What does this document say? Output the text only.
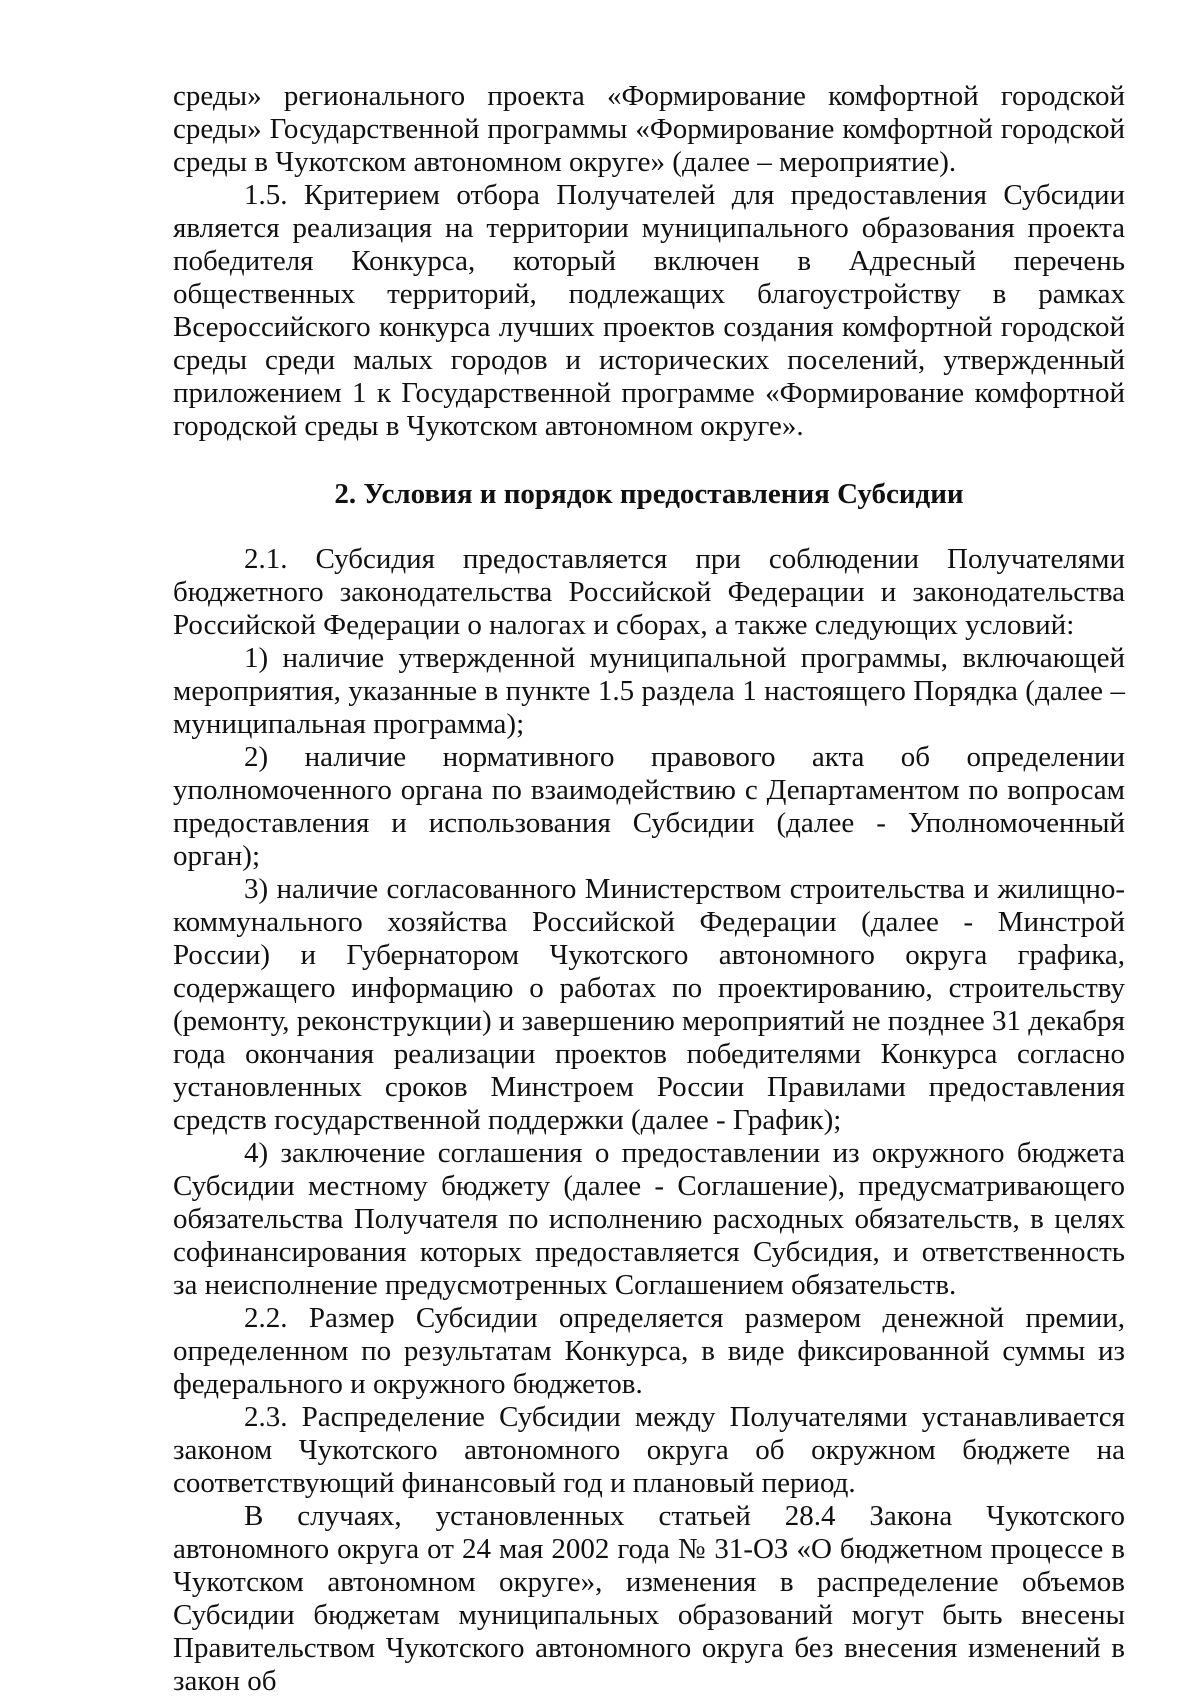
среды» регионального проекта «Формирование комфортной городской среды» Государственной программы «Формирование комфортной городской среды в Чукотском автономном округе» (далее – мероприятие).

1.5. Критерием отбора Получателей для предоставления Субсидии является реализация на территории муниципального образования проекта победителя Конкурса, который включен в Адресный перечень общественных территорий, подлежащих благоустройству в рамках Всероссийского конкурса лучших проектов создания комфортной городской среды среди малых городов и исторических поселений, утвержденный приложением 1 к Государственной программе «Формирование комфортной городской среды в Чукотском автономном округе».

2. Условия и порядок предоставления Субсидии

2.1. Субсидия предоставляется при соблюдении Получателями бюджетного законодательства Российской Федерации и законодательства Российской Федерации о налогах и сборах, а также следующих условий:

1) наличие утвержденной муниципальной программы, включающей мероприятия, указанные в пункте 1.5 раздела 1 настоящего Порядка (далее – муниципальная программа);

2) наличие нормативного правового акта об определении уполномоченного органа по взаимодействию с Департаментом по вопросам предоставления и использования Субсидии (далее - Уполномоченный орган);

3) наличие согласованного Министерством строительства и жилищно-коммунального хозяйства Российской Федерации (далее - Минстрой России) и Губернатором Чукотского автономного округа графика, содержащего информацию о работах по проектированию, строительству (ремонту, реконструкции) и завершению мероприятий не позднее 31 декабря года окончания реализации проектов победителями Конкурса согласно установленных сроков Минстроем России Правилами предоставления средств государственной поддержки (далее - График);

4) заключение соглашения о предоставлении из окружного бюджета Субсидии местному бюджету (далее - Соглашение), предусматривающего обязательства Получателя по исполнению расходных обязательств, в целях софинансирования которых предоставляется Субсидия, и ответственность за неисполнение предусмотренных Соглашением обязательств.

2.2. Размер Субсидии определяется размером денежной премии, определенном по результатам Конкурса, в виде фиксированной суммы из федерального и окружного бюджетов.

2.3. Распределение Субсидии между Получателями устанавливается законом Чукотского автономного округа об окружном бюджете на соответствующий финансовый год и плановый период.

В случаях, установленных статьей 28.4 Закона Чукотского автономного округа от 24 мая 2002 года № 31-ОЗ «О бюджетном процессе в Чукотском автономном округе», изменения в распределение объемов Субсидии бюджетам муниципальных образований могут быть внесены Правительством Чукотского автономного округа без внесения изменений в закон об
